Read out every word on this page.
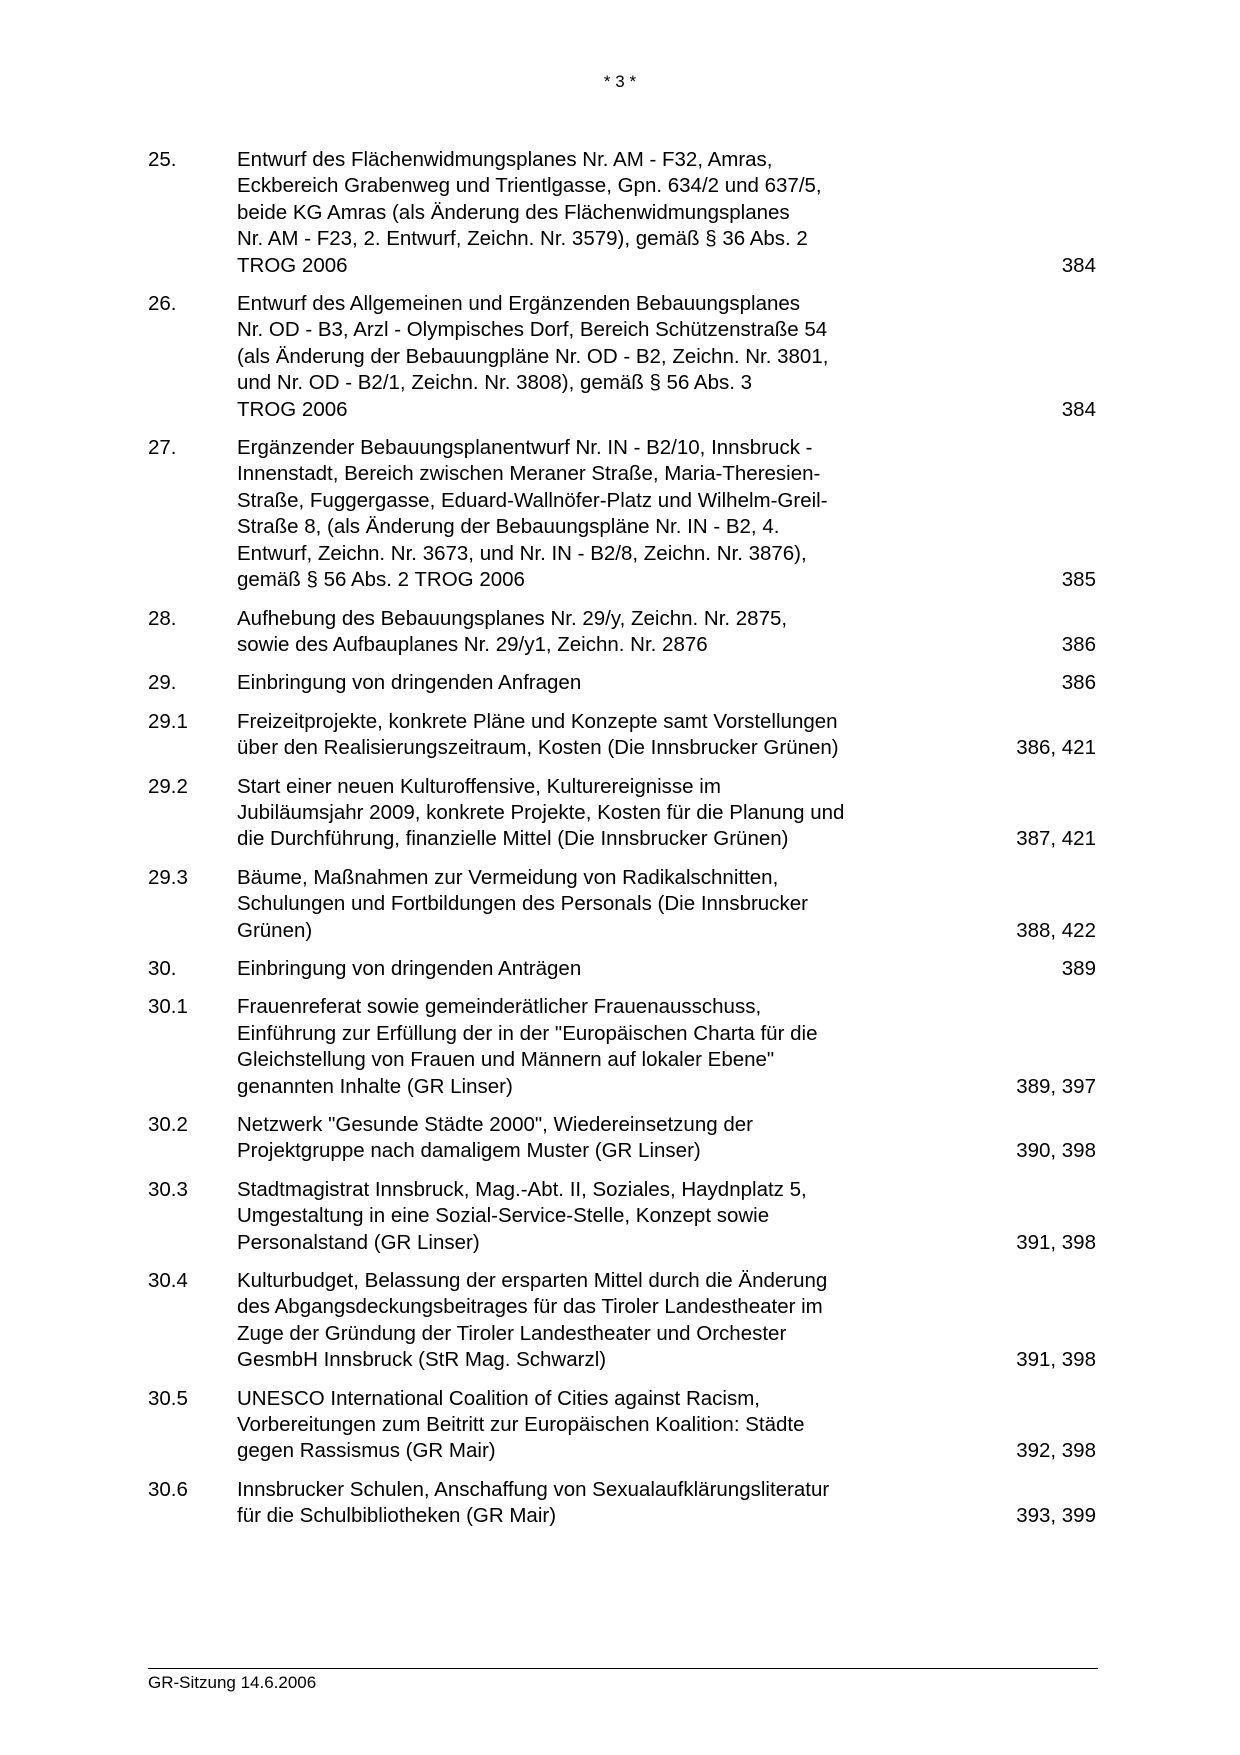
* 3 *
25.	Entwurf des Flächenwidmungsplanes Nr. AM - F32, Amras,
Eckbereich Grabenweg und Trientlgasse, Gpn. 634/2 und 637/5,
beide KG Amras (als Änderung des Flächenwidmungsplanes
Nr. AM - F23, 2. Entwurf, Zeichn. Nr. 3579), gemäß § 36 Abs. 2
TROG 2006	384
26.	Entwurf des Allgemeinen und Ergänzenden Bebauungsplanes
Nr. OD - B3, Arzl - Olympisches Dorf, Bereich Schützenstraße 54
(als Änderung der Bebauungpläne Nr. OD - B2, Zeichn. Nr. 3801,
und Nr. OD - B2/1, Zeichn. Nr. 3808), gemäß § 56 Abs. 3
TROG 2006	384
27.	Ergänzender Bebauungsplanentwurf Nr. IN - B2/10, Innsbruck -
Innenstadt, Bereich zwischen Meraner Straße, Maria-Theresien-
Straße, Fuggergasse, Eduard-Wallnöfer-Platz und Wilhelm-Greil-
Straße 8, (als Änderung der Bebauungspläne Nr. IN - B2, 4.
Entwurf, Zeichn. Nr. 3673, und Nr. IN - B2/8, Zeichn. Nr. 3876),
gemäß § 56 Abs. 2 TROG 2006	385
28.	Aufhebung des Bebauungsplanes Nr. 29/y, Zeichn. Nr. 2875,
sowie des Aufbauplanes Nr. 29/y1, Zeichn. Nr. 2876	386
29.	Einbringung von dringenden Anfragen	386
29.1	Freizeitprojekte, konkrete Pläne und Konzepte samt Vorstellungen
über den Realisierungszeitraum, Kosten (Die Innsbrucker Grünen)	386, 421
29.2	Start einer neuen Kulturoffensive, Kulturereignisse im
Jubiläumsjahr 2009, konkrete Projekte, Kosten für die Planung und
die Durchführung, finanzielle Mittel (Die Innsbrucker Grünen)	387, 421
29.3	Bäume, Maßnahmen zur Vermeidung von Radikalschnitten,
Schulungen und Fortbildungen des Personals (Die Innsbrucker
Grünen)	388, 422
30.	Einbringung von dringenden Anträgen	389
30.1	Frauenreferat sowie gemeinderätlicher Frauenausschuss,
Einführung zur Erfüllung der in der "Europäischen Charta für die
Gleichstellung von Frauen und Männern auf lokaler Ebene"
genannten Inhalte (GR Linser)	389, 397
30.2	Netzwerk "Gesunde Städte 2000", Wiedereinsetzung der
Projektgruppe nach damaligem Muster (GR Linser)	390, 398
30.3	Stadtmagistrat Innsbruck, Mag.-Abt. II, Soziales, Haydnplatz 5,
Umgestaltung in eine Sozial-Service-Stelle, Konzept sowie
Personalstand (GR Linser)	391, 398
30.4	Kulturbudget, Belassung der ersparten Mittel durch die Änderung
des Abgangsdeckungsbeitrages für das Tiroler Landestheater im
Zuge der Gründung der Tiroler Landestheater und Orchester
GesmbH Innsbruck (StR Mag. Schwarzl)	391, 398
30.5	UNESCO International Coalition of Cities against Racism,
Vorbereitungen zum Beitritt zur Europäischen Koalition: Städte
gegen Rassismus (GR Mair)	392, 398
30.6	Innsbrucker Schulen, Anschaffung von Sexualaufklärungsliteratur
für die Schulbibliotheken (GR Mair)	393, 399
GR-Sitzung 14.6.2006
